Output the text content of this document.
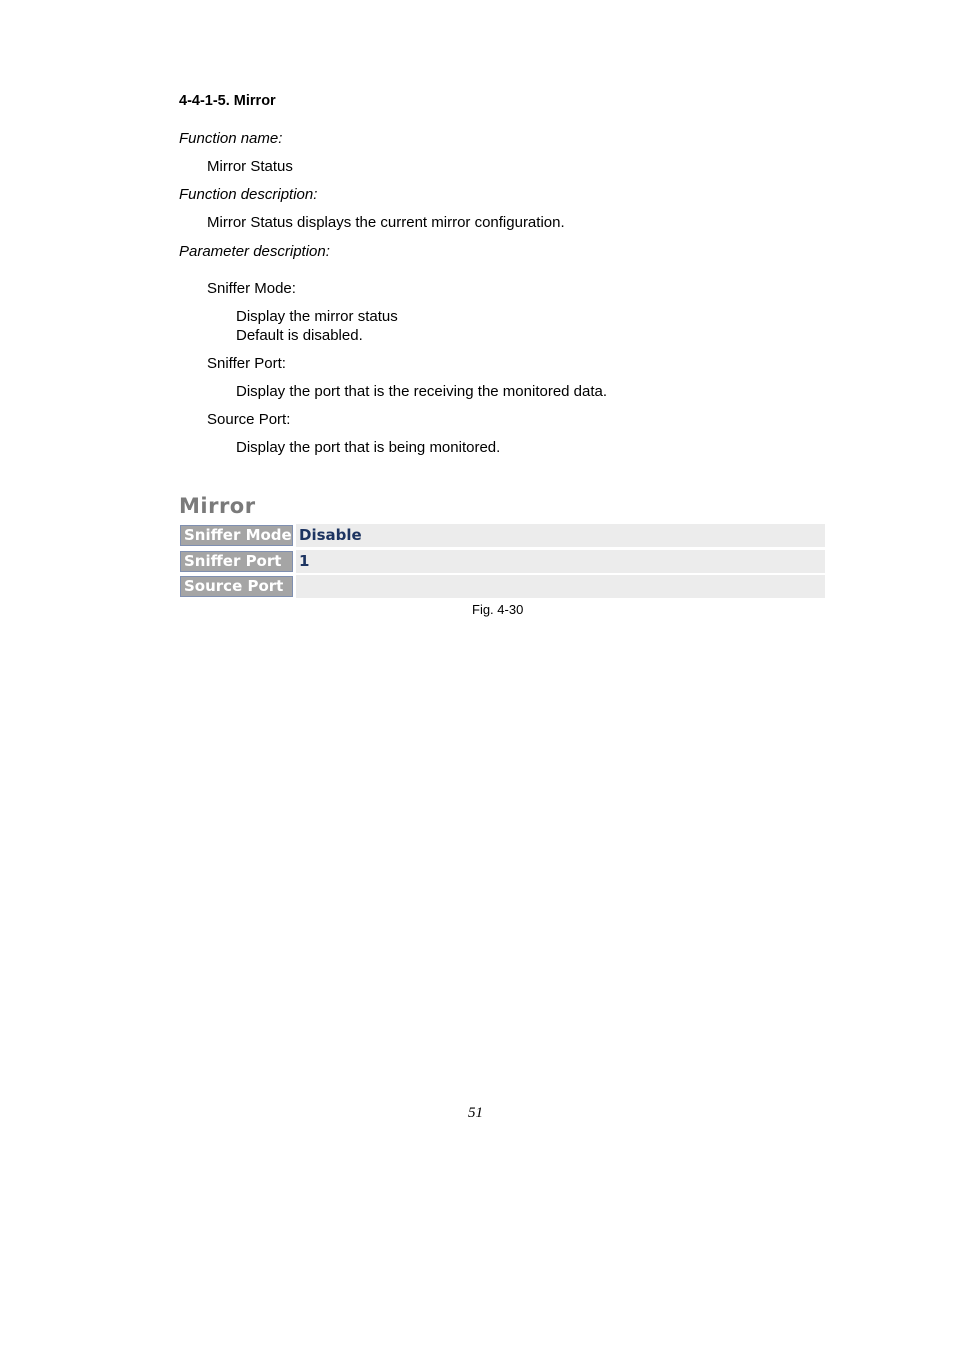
4-4-1-5. Mirror
Function name:
Mirror Status
Function description:
Mirror Status displays the current mirror configuration.
Parameter description:
Sniffer Mode:
Display the mirror status
Default is disabled.
Sniffer Port:
Display the port that is the receiving the monitored data.
Source Port:
Display the port that is being monitored.
Mirror
Sniffer Mode Disable
Sniffer Port	1
Source Port
Fig. 4-30
51
